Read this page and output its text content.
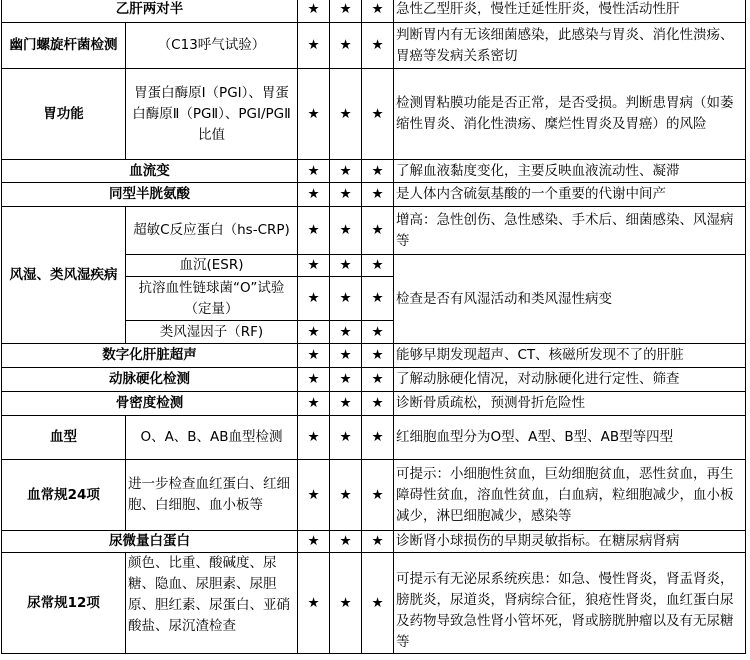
乙肝两对半		★	★	★	急性乙型肝炎，慢性迁延性肝炎，慢性活动性肝
幽门螺旋杆菌检测	（C13呼气试验）	★	★	★	判断胃内有无该细菌感染，此感染与胃炎、消化性溃疡、胃癌等发病关系密切
胃功能	胃蛋白酶原Ⅰ（PGⅠ）、胃蛋白酶原Ⅱ（PGⅡ）、PGⅠ/PGⅡ比值	★	★	★	检测胃粘膜功能是否正常，是否受损。判断患胃病（如萎缩性胃炎、消化性溃疡、糜烂性胃炎及胃癌）的风险
血流变		★	★	★	了解血液黏度变化，主要反映血液流动性、凝滞
同型半胱氨酸		★	★	★	是人体内含硫氨基酸的一个重要的代谢中间产
风湿、类风湿疾病	超敏C反应蛋白（hs-CRP)	★	★	★	增高：急性创伤、急性感染、手术后、细菌感染、风湿病等
	血沉(ESR)	★	★	★	检查是否有风湿活动和类风湿性病变
	抗溶血性链球菌“O”试验（定量）	★	★	★	
	类风湿因子（RF)	★	★	★	
数字化肝脏超声		★	★	★	能够早期发现超声、CT、核磁所发现不了的肝脏
动脉硬化检测		★	★	★	了解动脉硬化情况，对动脉硬化进行定性、筛查
骨密度检测		★	★	★	诊断骨质疏松，预测骨折危险性
血型	O、A、B、AB血型检测	★	★	★	红细胞血型分为O型、A型、B型、AB型等四型
血常规24项	进一步检查血红蛋白、红细胞、白细胞、血小板等	★	★	★	可提示：小细胞性贫血，巨幼细胞贫血，恶性贫血，再生障碍性贫血，溶血性贫血，白血病，粒细胞减少，血小板减少，淋巴细胞减少，感染等
尿微量白蛋白		★	★	★	诊断肾小球损伤的早期灵敏指标。在糖尿病肾病
尿常规12项	颜色、比重、酸碱度、尿糖、隐血、尿胆素、尿胆原、胆红素、尿蛋白、亚硝酸盐、尿沉渣检查	★	★	★	可提示有无泌尿系统疾患：如急、慢性肾炎，肾盂肾炎，膀胱炎，尿道炎，肾病综合征，狼疮性肾炎，血红蛋白尿及药物导致急性肾小管坏死，肾或膀胱肿瘤以及有无尿糖等
